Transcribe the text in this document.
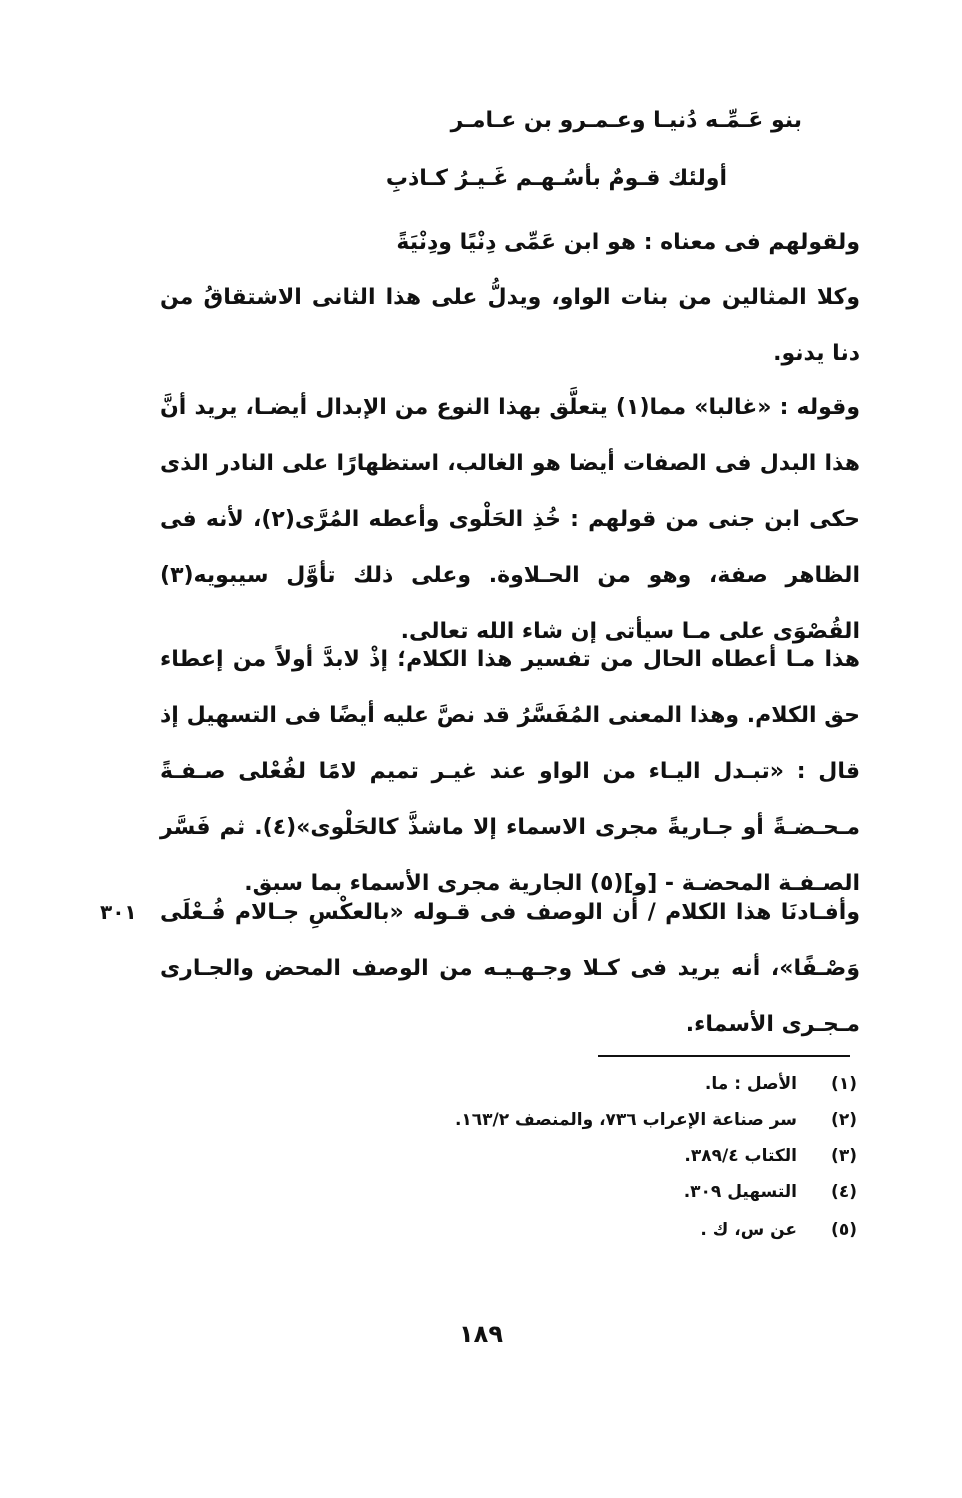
بنو عَـمِّـه دُنيـا وعـمـرو بن عـامـر
أولئك قـومٌ بأسُـهـم غَـيـرُ كـاذبِ
ولقولهم فى معناه : هو ابن عَمِّى دِنْيًا ودِنْيَةً
وكلا المثالين من بنات الواو، ويدلُّ على هذا الثانى الاشتقاقُ من دنا يدنو.
وقوله : «غالبا» مما(١) يتعلَّق بهذا النوع من الإبدال أيضـا، يريد أنَّ هذا البدل فى الصفات أيضا هو الغالب، استظهارًا على النادر الذى حكى ابن جنى من قولهم : خُذِ الحَلْوى وأعطه المُرَّى(٢)، لأنه فى الظاهر صفة، وهو من الحـلاوة. وعلى ذلك تأوَّل سيبويه(٣) القُصْوَى على مـا سيأتى إن شاء الله تعالى.
هذا مـا أعطاه الحال من تفسير هذا الكلام؛ إذْ لابدَّ أولاً من إعطاء حق الكلام. وهذا المعنى المُفَسَّرُ قد نصَّ عليه أيضًا فى التسهيل إذ قال : «تبـدل اليـاء من الواو عند غيـر تميم لامًا لفُعْلى صـفـةً مـحـضـةً أو جـاريةً مجرى الاسماء إلا ماشذَّ كالحَلْوى»(٤). ثم فَسَّر الصـفـة المحضـة - [و](٥) الجارية مجرى الأسماء بما سبق.
وأفـادنَا هذا الكلام / أن الوصف فى قـوله «بالعكْسِ جـالام فُـعْلَى وَصْـفًا»، أنه يريد فى كـلا وجـهـيـه من الوصف المحض والجـارى مـجـرى الأسماء.
٣٠١
(١)الأصل : ما.
(٢)سر صناعة الإعراب ٧٣٦، والمنصف ١٦٣/٢.
(٣)الكتاب ٣٨٩/٤.
(٤)التسهيل ٣٠٩.
(٥)عن س، ك .
١٨٩
